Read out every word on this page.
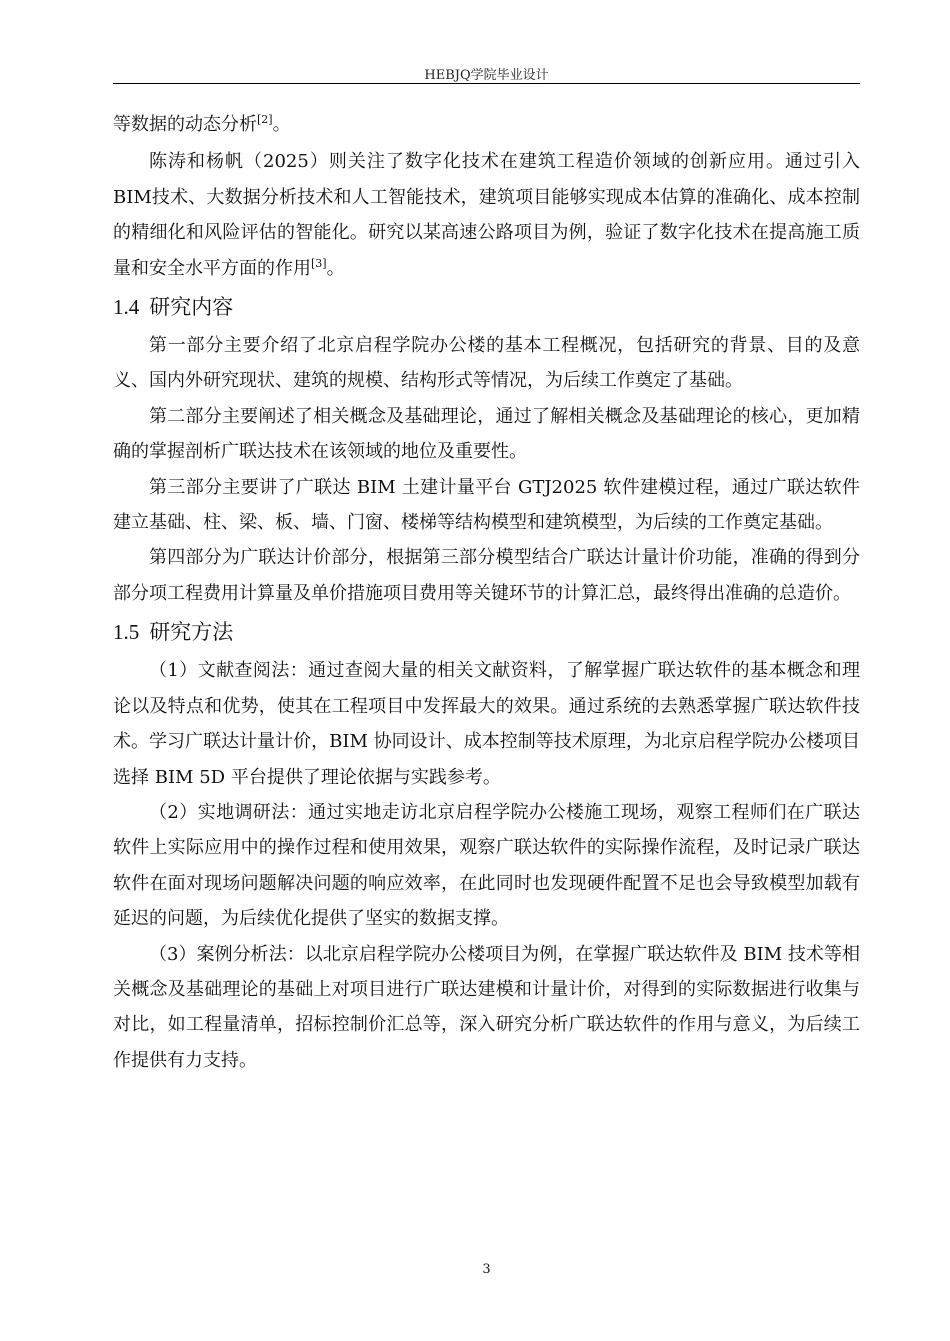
HEBJQ学院毕业设计

等数据的动态分析[2]。

陈涛和杨帆（2025）则关注了数字化技术在建筑工程造价领域的创新应用。通过引入BIM技术、大数据分析技术和人工智能技术，建筑项目能够实现成本估算的准确化、成本控制的精细化和风险评估的智能化。研究以某高速公路项目为例，验证了数字化技术在提高施工质量和安全水平方面的作用[3]。

1.4 研究内容

第一部分主要介绍了北京启程学院办公楼的基本工程概况，包括研究的背景、目的及意义、国内外研究现状、建筑的规模、结构形式等情况，为后续工作奠定了基础。

第二部分主要阐述了相关概念及基础理论，通过了解相关概念及基础理论的核心，更加精确的掌握剖析广联达技术在该领域的地位及重要性。

第三部分主要讲了广联达 BIM 土建计量平台 GTJ2025 软件建模过程，通过广联达软件建立基础、柱、梁、板、墙、门窗、楼梯等结构模型和建筑模型，为后续的工作奠定基础。

第四部分为广联达计价部分，根据第三部分模型结合广联达计量计价功能，准确的得到分部分项工程费用计算量及单价措施项目费用等关键环节的计算汇总，最终得出准确的总造价。

1.5 研究方法

（1）文献查阅法：通过查阅大量的相关文献资料，了解掌握广联达软件的基本概念和理论以及特点和优势，使其在工程项目中发挥最大的效果。通过系统的去熟悉掌握广联达软件技术。学习广联达计量计价，BIM 协同设计、成本控制等技术原理，为北京启程学院办公楼项目选择 BIM 5D 平台提供了理论依据与实践参考。

（2）实地调研法：通过实地走访北京启程学院办公楼施工现场，观察工程师们在广联达软件上实际应用中的操作过程和使用效果，观察广联达软件的实际操作流程，及时记录广联达软件在面对现场问题解决问题的响应效率，在此同时也发现硬件配置不足也会导致模型加载有延迟的问题，为后续优化提供了坚实的数据支撑。

（3）案例分析法：以北京启程学院办公楼项目为例，在掌握广联达软件及 BIM 技术等相关概念及基础理论的基础上对项目进行广联达建模和计量计价，对得到的实际数据进行收集与对比，如工程量清单，招标控制价汇总等，深入研究分析广联达软件的作用与意义，为后续工作提供有力支持。

3
